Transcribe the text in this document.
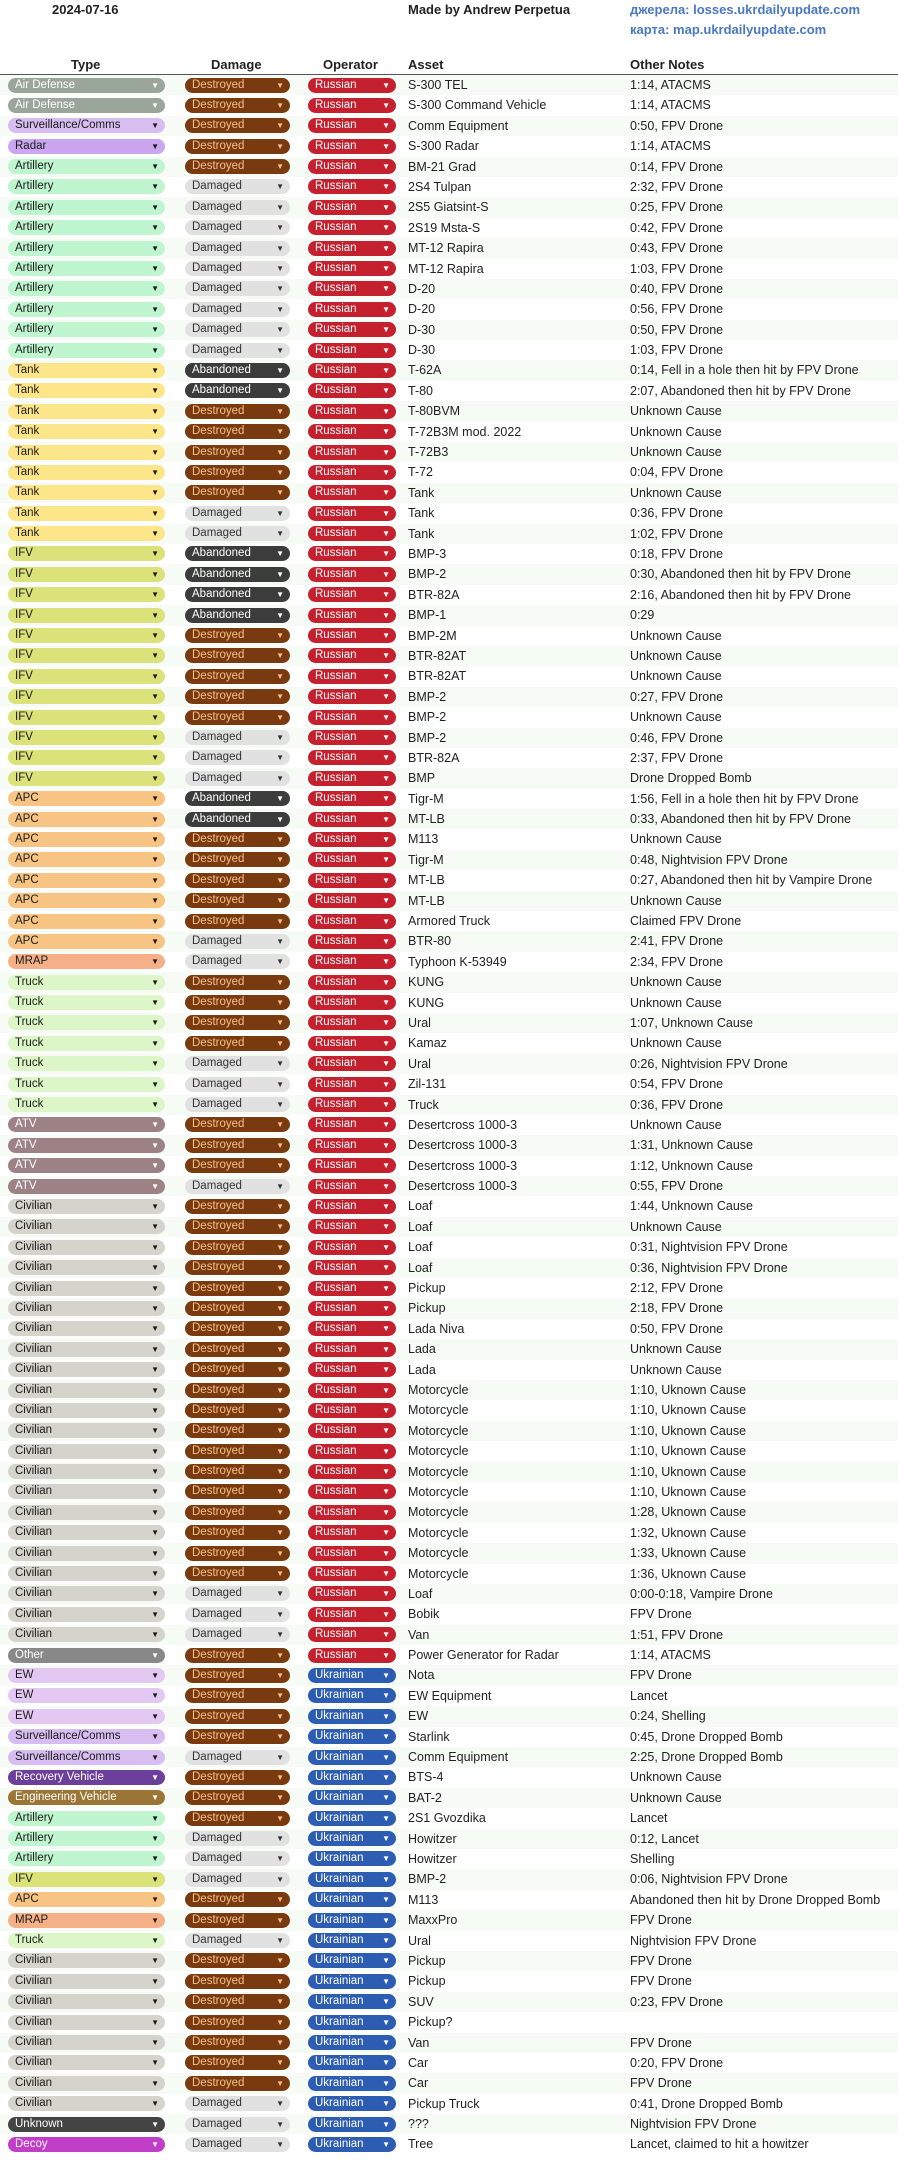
2024-07-16	Made by Andrew Perpetua	джерела: losses.ukrdailyupdate.com
карта: map.ukrdailyupdate.com
Type	Damage	Operator Asset	Other Notes
Air Defense	▼	Destroyed	▼	Russian	▼ S-300 TEL	1:14, ATACMS
Air Defense	▼	Destroyed	▼	Russian	▼ S-300 Command Vehicle	1:14, ATACMS
Surveillance/Comms	▼	Destroyed	▼	Russian	▼ Comm Equipment	0:50, FPV Drone
Radar	▼	Destroyed	▼	Russian	▼ S-300 Radar	1:14, ATACMS
Artillery	▼	Destroyed	▼	Russian	▼ BM-21 Grad	0:14, FPV Drone
Artillery	▼	Damaged	▼	Russian	▼ 2S4 Tulpan	2:32, FPV Drone
Artillery	▼	Damaged	▼	Russian	▼ 2S5 Giatsint-S	0:25, FPV Drone
Artillery	▼	Damaged	▼	Russian	▼ 2S19 Msta-S	0:42, FPV Drone
Artillery	▼	Damaged	▼	Russian	▼ MT-12 Rapira	0:43, FPV Drone
Artillery	▼	Damaged	▼	Russian	▼ MT-12 Rapira	1:03, FPV Drone
Artillery	▼	Damaged	▼	Russian	▼ D-20	0:40, FPV Drone
Artillery	▼	Damaged	▼	Russian	▼ D-20	0:56, FPV Drone
Artillery	▼	Damaged	▼	Russian	▼ D-30	0:50, FPV Drone
Artillery	▼	Damaged	▼	Russian	▼ D-30	1:03, FPV Drone
Tank	▼	Abandoned	▼	Russian	▼ T-62A	0:14, Fell in a hole then hit by FPV Drone
Tank	▼	Abandoned	▼	Russian	▼ T-80	2:07, Abandoned then hit by FPV Drone
Tank	▼	Destroyed	▼	Russian	▼ T-80BVM	Unknown Cause
Tank	▼	Destroyed	▼	Russian	▼ T-72B3M mod. 2022	Unknown Cause
Tank	▼	Destroyed	▼	Russian	▼ T-72B3	Unknown Cause
Tank	▼	Destroyed	▼	Russian	▼ T-72	0:04, FPV Drone
Tank	▼	Destroyed	▼	Russian	▼ Tank	Unknown Cause
Tank	▼	Damaged	▼	Russian	▼ Tank	0:36, FPV Drone
Tank	▼	Damaged	▼	Russian	▼ Tank	1:02, FPV Drone
IFV	▼	Abandoned	▼	Russian	▼ BMP-3	0:18, FPV Drone
IFV	▼	Abandoned	▼	Russian	▼ BMP-2	0:30, Abandoned then hit by FPV Drone
IFV	▼	Abandoned	▼	Russian	▼ BTR-82A	2:16, Abandoned then hit by FPV Drone
IFV	▼	Abandoned	▼	Russian	▼ BMP-1	0:29
IFV	▼	Destroyed	▼	Russian	▼ BMP-2M	Unknown Cause
IFV	▼	Destroyed	▼	Russian	▼ BTR-82AT	Unknown Cause
IFV	▼	Destroyed	▼	Russian	▼ BTR-82AT	Unknown Cause
IFV	▼	Destroyed	▼	Russian	▼ BMP-2	0:27, FPV Drone
IFV	▼	Destroyed	▼	Russian	▼ BMP-2	Unknown Cause
IFV	▼	Damaged	▼	Russian	▼ BMP-2	0:46, FPV Drone
IFV	▼	Damaged	▼	Russian	▼ BTR-82A	2:37, FPV Drone
IFV	▼	Damaged	▼	Russian	▼ BMP	Drone Dropped Bomb
APC	▼	Abandoned	▼	Russian	▼ Tigr-M	1:56, Fell in a hole then hit by FPV Drone
APC	▼	Abandoned	▼	Russian	▼ MT-LB	0:33, Abandoned then hit by FPV Drone
APC	▼	Destroyed	▼	Russian	▼ M113	Unknown Cause
APC	▼	Destroyed	▼	Russian	▼ Tigr-M	0:48, Nightvision FPV Drone
APC	▼	Destroyed	▼	Russian	▼ MT-LB	0:27, Abandoned then hit by Vampire Drone
APC	▼	Destroyed	▼	Russian	▼ MT-LB	Unknown Cause
APC	▼	Destroyed	▼	Russian	▼ Armored Truck	Claimed FPV Drone
APC	▼	Damaged	▼	Russian	▼ BTR-80	2:41, FPV Drone
MRAP	▼	Damaged	▼	Russian	▼ Typhoon K-53949	2:34, FPV Drone
Truck	▼	Destroyed	▼	Russian	▼ KUNG	Unknown Cause
Truck	▼	Destroyed	▼	Russian	▼ KUNG	Unknown Cause
Truck	▼	Destroyed	▼	Russian	▼ Ural	1:07, Unknown Cause
Truck	▼	Destroyed	▼	Russian	▼ Kamaz	Unknown Cause
Truck	▼	Damaged	▼	Russian	▼ Ural	0:26, Nightvision FPV Drone
Truck	▼	Damaged	▼	Russian	▼ Zil-131	0:54, FPV Drone
Truck	▼	Damaged	▼	Russian	▼ Truck	0:36, FPV Drone
ATV	▼	Destroyed	▼	Russian	▼ Desertcross 1000-3	Unknown Cause
ATV	▼	Destroyed	▼	Russian	▼ Desertcross 1000-3	1:31, Unknown Cause
ATV	▼	Destroyed	▼	Russian	▼ Desertcross 1000-3	1:12, Unknown Cause
ATV	▼	Damaged	▼	Russian	▼ Desertcross 1000-3	0:55, FPV Drone
Civilian	▼	Destroyed	▼	Russian	▼ Loaf	1:44, Unknown Cause
Civilian	▼	Destroyed	▼	Russian	▼ Loaf	Unknown Cause
Civilian	▼	Destroyed	▼	Russian	▼ Loaf	0:31, Nightvision FPV Drone
Civilian	▼	Destroyed	▼	Russian	▼ Loaf	0:36, Nightvision FPV Drone
Civilian	▼	Destroyed	▼	Russian	▼ Pickup	2:12, FPV Drone
Civilian	▼	Destroyed	▼	Russian	▼ Pickup	2:18, FPV Drone
Civilian	▼	Destroyed	▼	Russian	▼ Lada Niva	0:50, FPV Drone
Civilian	▼	Destroyed	▼	Russian	▼ Lada	Unknown Cause
Civilian	▼	Destroyed	▼	Russian	▼ Lada	Unknown Cause
Civilian	▼	Destroyed	▼	Russian	▼ Motorcycle	1:10, Uknown Cause
Civilian	▼	Destroyed	▼	Russian	▼ Motorcycle	1:10, Uknown Cause
Civilian	▼	Destroyed	▼	Russian	▼ Motorcycle	1:10, Uknown Cause
Civilian	▼	Destroyed	▼	Russian	▼ Motorcycle	1:10, Uknown Cause
Civilian	▼	Destroyed	▼	Russian	▼ Motorcycle	1:10, Uknown Cause
Civilian	▼	Destroyed	▼	Russian	▼ Motorcycle	1:10, Uknown Cause
Civilian	▼	Destroyed	▼	Russian	▼ Motorcycle	1:28, Uknown Cause
Civilian	▼	Destroyed	▼	Russian	▼ Motorcycle	1:32, Uknown Cause
Civilian	▼	Destroyed	▼	Russian	▼ Motorcycle	1:33, Uknown Cause
Civilian	▼	Destroyed	▼	Russian	▼ Motorcycle	1:36, Uknown Cause
Civilian	▼	Damaged	▼	Russian	▼ Loaf	0:00-0:18, Vampire Drone
Civilian	▼	Damaged	▼	Russian	▼ Bobik	FPV Drone
Civilian	▼	Damaged	▼	Russian	▼ Van	1:51, FPV Drone
Other	▼	Destroyed	▼	Russian	▼ Power Generator for Radar	1:14, ATACMS
EW	▼	Destroyed	▼	Ukrainian ▼ Nota	FPV Drone
EW	▼	Destroyed	▼	Ukrainian ▼ EW Equipment	Lancet
EW	▼	Destroyed	▼	Ukrainian ▼ EW	0:24, Shelling
Surveillance/Comms	▼	Destroyed	▼	Ukrainian ▼ Starlink	0:45, Drone Dropped Bomb
Surveillance/Comms	▼	Damaged	▼	Ukrainian ▼ Comm Equipment	2:25, Drone Dropped Bomb
Recovery Vehicle	▼	Destroyed	▼	Ukrainian ▼ BTS-4	Unknown Cause
Engineering Vehicle	▼	Destroyed	▼	Ukrainian ▼ BAT-2	Unknown Cause
Artillery	▼	Destroyed	▼	Ukrainian ▼ 2S1 Gvozdika	Lancet
Artillery	▼	Damaged	▼	Ukrainian ▼ Howitzer	0:12, Lancet
Artillery	▼	Damaged	▼	Ukrainian ▼ Howitzer	Shelling
IFV	▼	Damaged	▼	Ukrainian ▼ BMP-2	0:06, Nightvision FPV Drone
APC	▼	Destroyed	▼	Ukrainian ▼ M113	Abandoned then hit by Drone Dropped Bomb
MRAP	▼	Destroyed	▼	Ukrainian ▼ MaxxPro	FPV Drone
Truck	▼	Damaged	▼	Ukrainian ▼ Ural	Nightvision FPV Drone
Civilian	▼	Destroyed	▼	Ukrainian ▼ Pickup	FPV Drone
Civilian	▼	Destroyed	▼	Ukrainian ▼ Pickup	FPV Drone
Civilian	▼	Destroyed	▼	Ukrainian ▼ SUV	0:23, FPV Drone
Civilian	▼	Destroyed	▼	Ukrainian ▼ Pickup?
Civilian	▼	Destroyed	▼	Ukrainian ▼ Van	FPV Drone
Civilian	▼	Destroyed	▼	Ukrainian ▼ Car	0:20, FPV Drone
Civilian	▼	Destroyed	▼	Ukrainian ▼ Car	FPV Drone
Civilian	▼	Damaged	▼	Ukrainian ▼ Pickup Truck	0:41, Drone Dropped Bomb
Unknown	▼	Damaged	▼	Ukrainian ▼ ???	Nightvision FPV Drone
Decoy	▼	Damaged	▼	Ukrainian ▼ Tree	Lancet, claimed to hit a howitzer
